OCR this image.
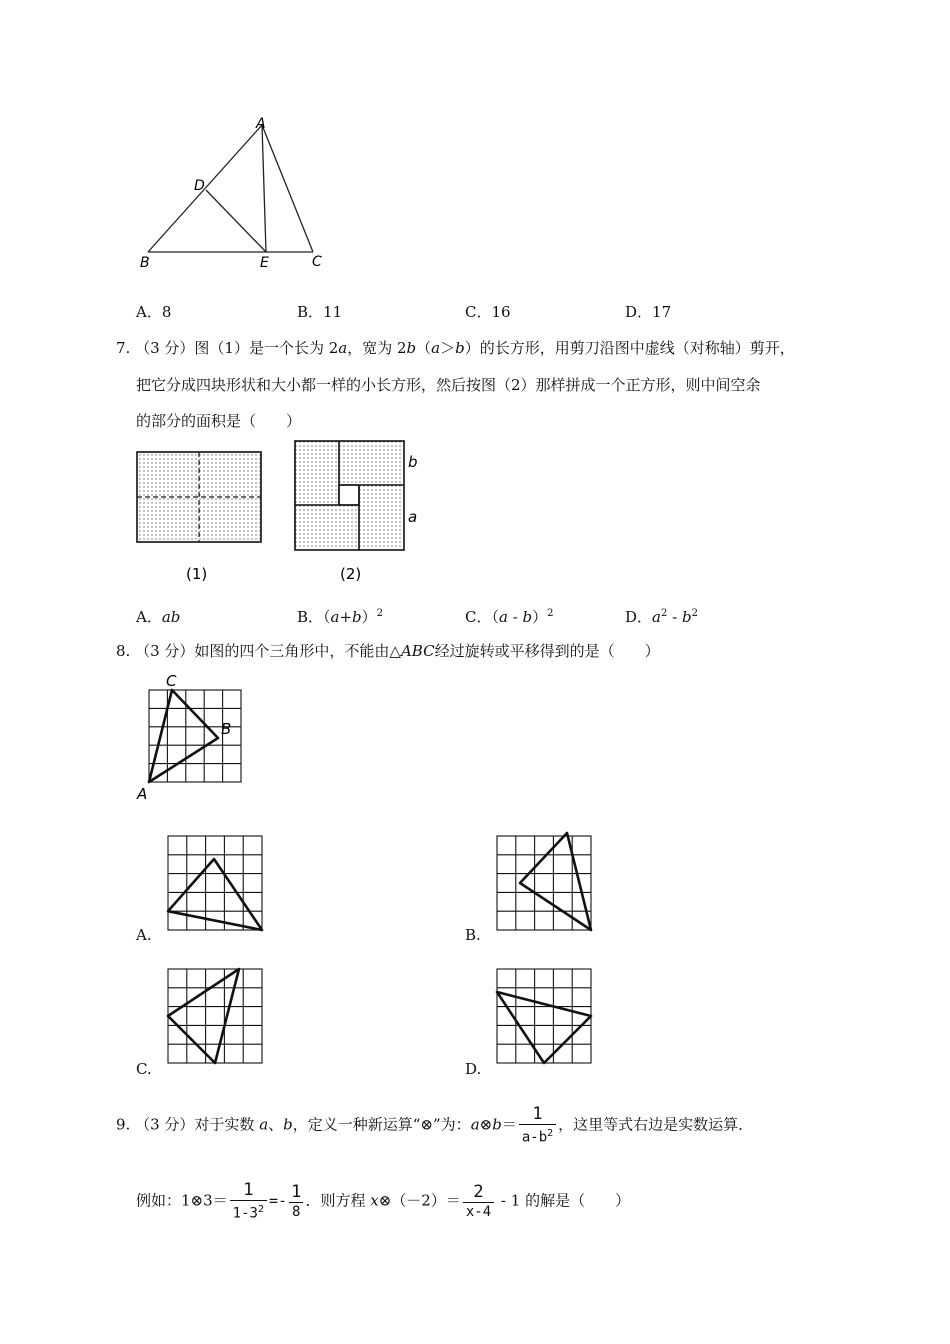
A
D
B	E	C
A．8	B．11	C．16	D．17
7. （3 分）图（1）是一个长为 2a，宽为 2b（a＞b）的长方形，用剪刀沿图中虚线（对称轴）剪开，
把它分成四块形状和大小都一样的小长方形，然后按图（2）那样拼成一个正方形，则中间空余
的部分的面积是（　　）
(1)
b
a
(2)
A．ab	B．$(a+b)^2$	C．（a - b）$^2$	D．$a^2 - b^2$
8. （3 分）如图的四个三角形中，不能由△ABC经过旋转或平移得到的是（　　）
C
B
A
A.	B.
C.	D.
9. （3 分）对于实数 a、b，定义一种新运算“⊗”为：a⊗b＝ $\frac{1}{a-b^2}$ ，这里等式右边是实数运算．
例如：1⊗3＝ $\frac{1}{1-3^2} =- \frac{1}{8}$ ．则方程 x⊗（－2）＝ $\frac{2}{x-4} - 1$ 的解是（　　）
